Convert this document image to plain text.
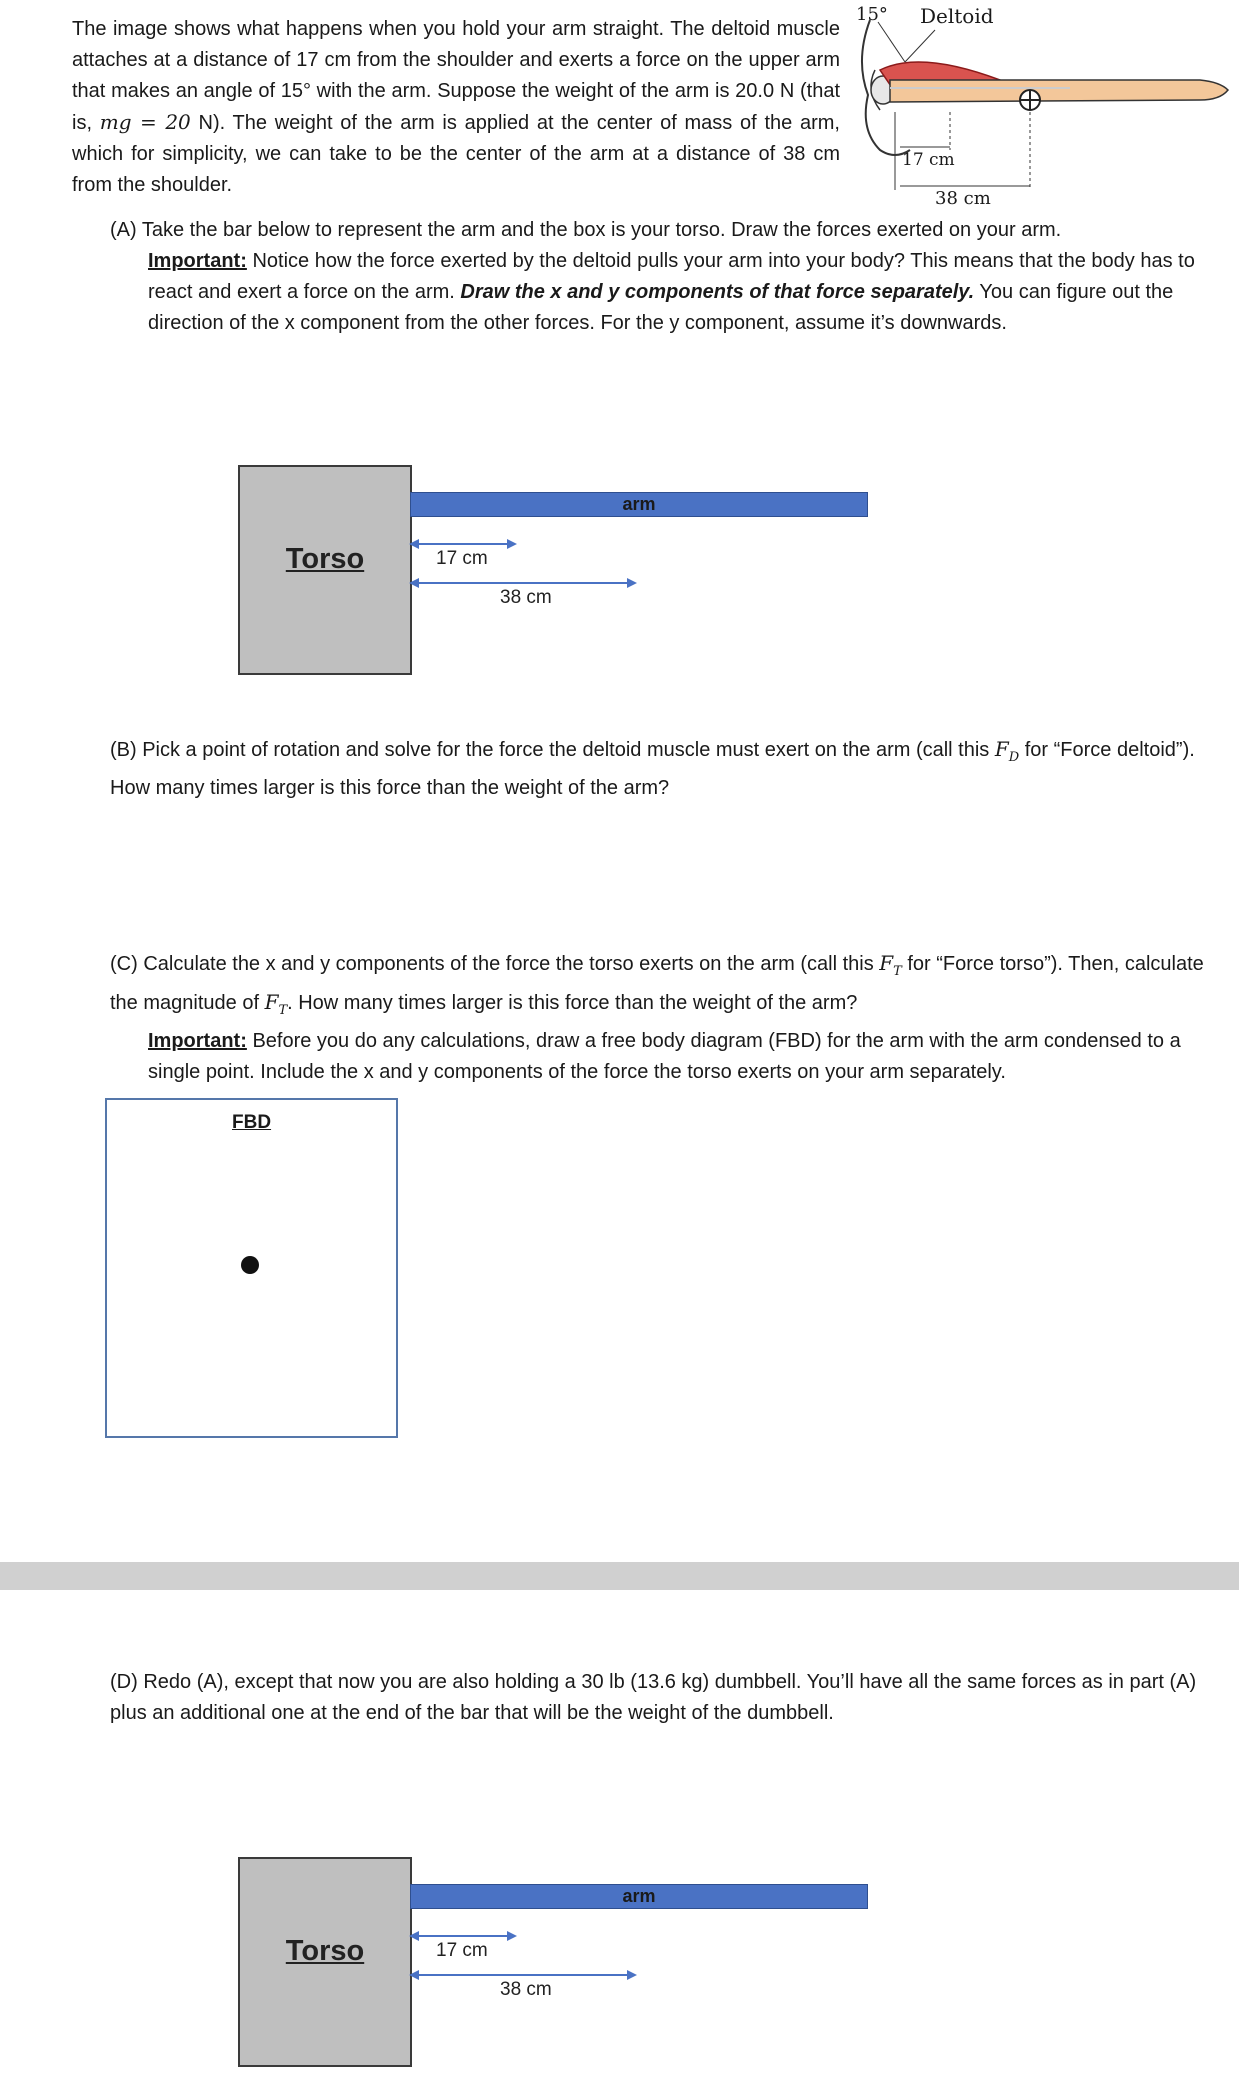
The image shows what happens when you hold your arm straight. The deltoid muscle attaches at a distance of 17 cm from the shoulder and exerts a force on the upper arm that makes an angle of 15° with the arm. Suppose the weight of the arm is 20.0 N (that is, mg = 20 N). The weight of the arm is applied at the center of mass of the arm, which for simplicity, we can take to be the center of the arm at a distance of 38 cm from the shoulder.
15° Deltoid
17 cm
38 cm
(A) Take the bar below to represent the arm and the box is your torso. Draw the forces exerted on your arm.
Important: Notice how the force exerted by the deltoid pulls your arm into your body? This means that the body has to react and exert a force on the arm. Draw the x and y components of that force separately. You can figure out the direction of the x component from the other forces. For the y component, assume it’s downwards.
Torso
arm
17 cm
38 cm
(B) Pick a point of rotation and solve for the force the deltoid muscle must exert on the arm (call this $F_D$ for “Force deltoid”). How many times larger is this force than the weight of the arm?
(C) Calculate the x and y components of the force the torso exerts on the arm (call this $F_T$ for “Force torso”). Then, calculate the magnitude of $F_T$. How many times larger is this force than the weight of the arm?
Important: Before you do any calculations, draw a free body diagram (FBD) for the arm with the arm condensed to a single point. Include the x and y components of the force the torso exerts on your arm separately.
FBD
(D) Redo (A), except that now you are also holding a 30 lb (13.6 kg) dumbbell. You’ll have all the same forces as in part (A) plus an additional one at the end of the bar that will be the weight of the dumbbell.
Torso
arm
17 cm
38 cm
